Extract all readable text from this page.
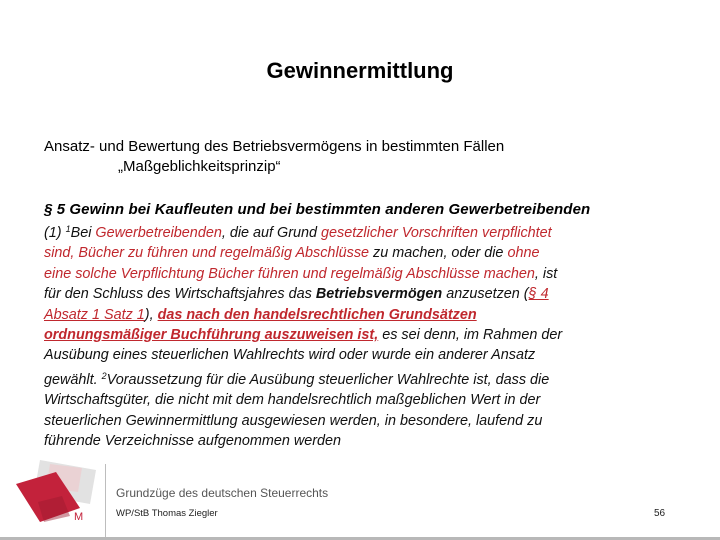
Gewinnermittlung
Ansatz- und Bewertung des Betriebsvermögens in bestimmten Fällen
„Maßgeblichkeitsprinzip“
§ 5 Gewinn bei Kaufleuten und bei bestimmten anderen Gewerbetreibenden
(1) $^1$Bei Gewerbetreibenden, die auf Grund gesetzlicher Vorschriften verpflichtet
sind, Bücher zu führen und regelmäßig Abschlüsse zu machen, oder die ohne
eine solche Verpflichtung Bücher führen und regelmäßig Abschlüsse machen, ist
für den Schluss des Wirtschaftsjahres das Betriebsvermögen anzusetzen (§ 4
Absatz 1 Satz 1), das nach den handelsrechtlichen Grundsätzen
ordnungsmäßiger Buchführung auszuweisen ist, es sei denn, im Rahmen der
Ausübung eines steuerlichen Wahlrechts wird oder wurde ein anderer Ansatz
gewählt. $^2$Voraussetzung für die Ausübung steuerlicher Wahlrechte ist, dass die
Wirtschaftsgüter, die nicht mit dem handelsrechtlich maßgeblichen Wert in der
steuerlichen Gewinnermittlung ausgewiesen werden, in besondere, laufend zu
führende Verzeichnisse aufgenommen werden
M
Grundzüge des deutschen Steuerrechts
WP/StB Thomas Ziegler	56
